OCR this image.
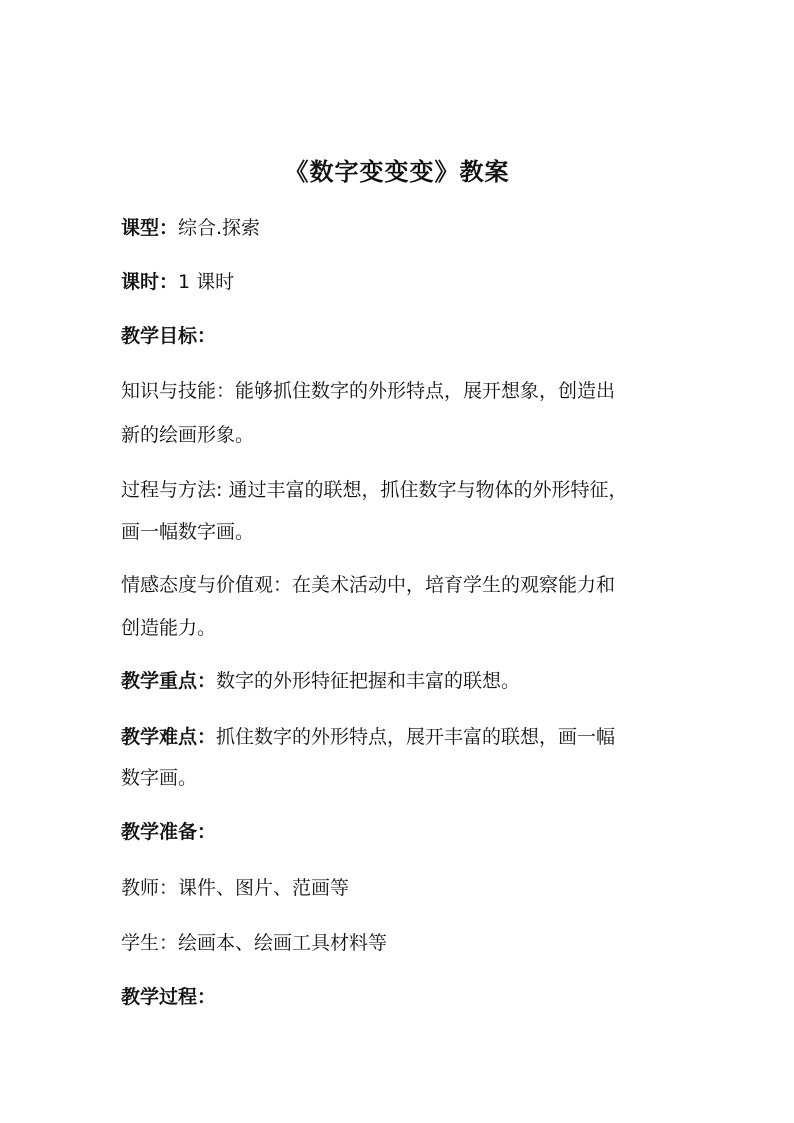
《数字变变变》教案
课型：综合.探索
课时：1 课时
教学目标：
知识与技能：能够抓住数字的外形特点，展开想象，创造出
新的绘画形象。
过程与方法: 通过丰富的联想，抓住数字与物体的外形特征，
画一幅数字画。
情感态度与价值观：在美术活动中，培育学生的观察能力和
创造能力。
教学重点：数字的外形特征把握和丰富的联想。
教学难点：抓住数字的外形特点，展开丰富的联想，画一幅
数字画。
教学准备：
教师：课件、图片、范画等
学生：绘画本、绘画工具材料等
教学过程：
